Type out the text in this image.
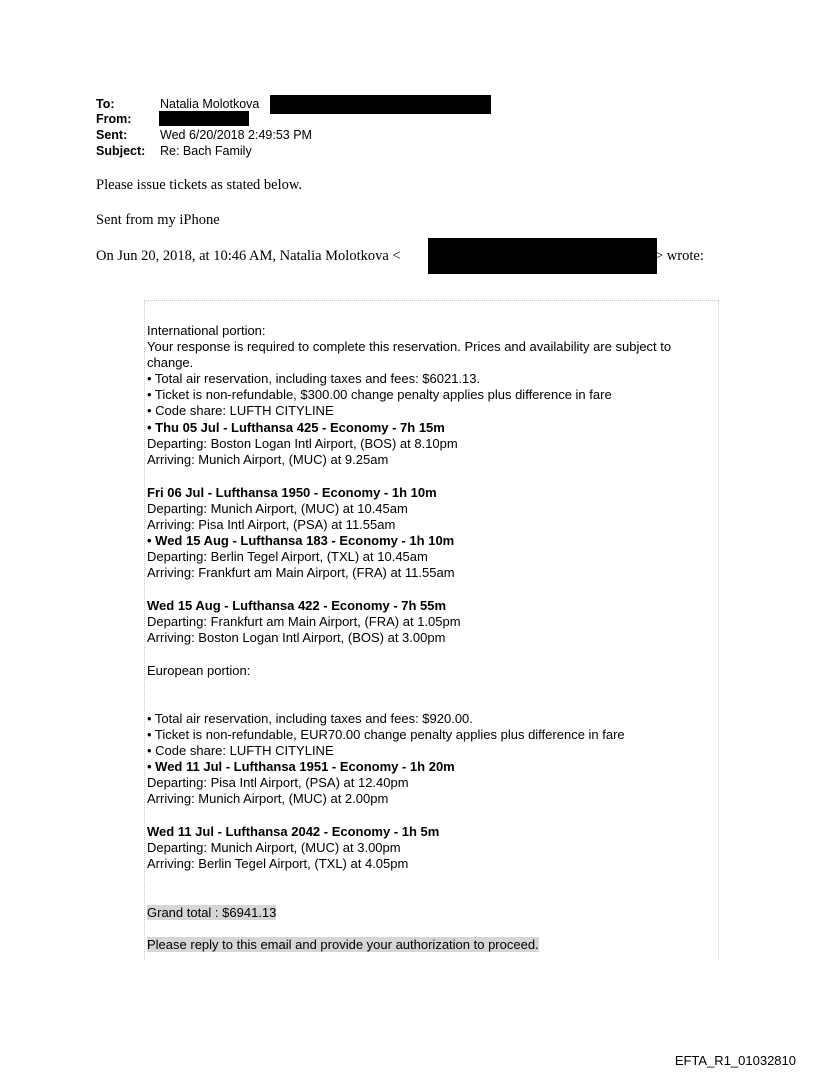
To:	Natalia Molotkova
From:
Sent:	Wed 6/20/2018 2:49:53 PM
Subject: Re: Bach Family
Please issue tickets as stated below.
Sent from my iPhone
On Jun 20, 2018, at 10:46 AM, Natalia Molotkova <	> wrote:
International portion:
Your response is required to complete this reservation. Prices and availability are subject to
change.
• Total air reservation, including taxes and fees: $6021.13.
• Ticket is non-refundable, $300.00 change penalty applies plus difference in fare
• Code share: LUFTH CITYLINE
• Thu 05 Jul - Lufthansa 425 - Economy - 7h 15m
Departing: Boston Logan Intl Airport, (BOS) at 8.10pm
Arriving: Munich Airport, (MUC) at 9.25am
Fri 06 Jul - Lufthansa 1950 - Economy - 1h 10m
Departing: Munich Airport, (MUC) at 10.45am
Arriving: Pisa Intl Airport, (PSA) at 11.55am
• Wed 15 Aug - Lufthansa 183 - Economy - 1h 10m
Departing: Berlin Tegel Airport, (TXL) at 10.45am
Arriving: Frankfurt am Main Airport, (FRA) at 11.55am
Wed 15 Aug - Lufthansa 422 - Economy - 7h 55m
Departing: Frankfurt am Main Airport, (FRA) at 1.05pm
Arriving: Boston Logan Intl Airport, (BOS) at 3.00pm
European portion:
• Total air reservation, including taxes and fees: $920.00.
• Ticket is non-refundable, EUR70.00 change penalty applies plus difference in fare
• Code share: LUFTH CITYLINE
• Wed 11 Jul - Lufthansa 1951 - Economy - 1h 20m
Departing: Pisa Intl Airport, (PSA) at 12.40pm
Arriving: Munich Airport, (MUC) at 2.00pm
Wed 11 Jul - Lufthansa 2042 - Economy - 1h 5m
Departing: Munich Airport, (MUC) at 3.00pm
Arriving: Berlin Tegel Airport, (TXL) at 4.05pm
Grand total : $6941.13
Please reply to this email and provide your authorization to proceed.
EFTA_R1_01032810
